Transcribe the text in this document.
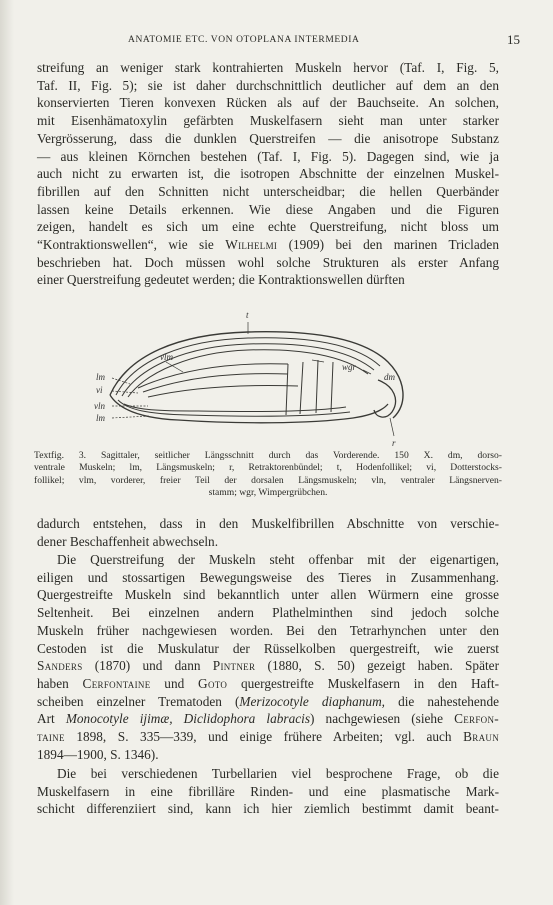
ANATOMIE ETC. VON OTOPLANA INTERMEDIA	15

streifung an weniger stark kontrahierten Muskeln hervor (Taf. I, Fig. 5,
Taf. II, Fig. 5); sie ist daher durchschnittlich deutlicher auf dem an den
konservierten Tieren konvexen Rücken als auf der Bauchseite. An solchen,
mit Eisenhämatoxylin gefärbten Muskelfasern sieht man unter starker
Vergrösserung, dass die dunklen Querstreifen — die anisotrope Substanz
— aus kleinen Körnchen bestehen (Taf. I, Fig. 5). Dagegen sind, wie ja
auch nicht zu erwarten ist, die isotropen Abschnitte der einzelnen Muskel-
fibrillen auf den Schnitten nicht unterscheidbar; die hellen Querbänder
lassen keine Details erkennen. Wie diese Angaben und die Figuren
zeigen, handelt es sich um eine echte Querstreifung, nicht bloss um
“Kontraktionswellen“, wie sie Wilhelmi (1909) bei den marinen Tricladen
beschrieben hat. Doch müssen wohl solche Strukturen als erster Anfang
einer Querstreifung gedeutet werden; die Kontraktionswellen dürften

t
vlm
wgr
dm
lm
vi
vln
lm
r

Textfig. 3. Sagittaler, seitlicher Längsschnitt durch das Vorderende. 150 X. dm, dorso-
ventrale Muskeln; lm, Längsmuskeln; r, Retraktorenbündel; t, Hodenfollikel; vi, Dotterstocks-
follikel; vlm, vorderer, freier Teil der dorsalen Längsmuskeln; vln, ventraler Längsnerven-
stamm; wgr, Wimpergrübchen.

dadurch entstehen, dass in den Muskelfibrillen Abschnitte von verschie-
dener Beschaffenheit abwechseln.

Die Querstreifung der Muskeln steht offenbar mit der eigenartigen,
eiligen und stossartigen Bewegungsweise des Tieres in Zusammenhang.
Quergestreifte Muskeln sind bekanntlich unter allen Würmern eine grosse
Seltenheit. Bei einzelnen andern Plathelminthen sind jedoch solche
Muskeln früher nachgewiesen worden. Bei den Tetrarhynchen unter den
Cestoden ist die Muskulatur der Rüsselkolben quergestreift, wie zuerst
Sanders (1870) und dann Pintner (1880, S. 50) gezeigt haben. Später
haben Cerfontaine und Goto quergestreifte Muskelfasern in den Haft-
scheiben einzelner Trematoden (Merizocotyle diaphanum, die nahestehende
Art Monocotyle ijimæ, Diclidophora labracis) nachgewiesen (siehe Cerfon-
taine 1898, S. 335—339, und einige frühere Arbeiten; vgl. auch Braun
1894—1900, S. 1346).

Die bei verschiedenen Turbellarien viel besprochene Frage, ob die
Muskelfasern in eine fibrilläre Rinden- und eine plasmatische Mark-
schicht differenziiert sind, kann ich hier ziemlich bestimmt damit beant-
